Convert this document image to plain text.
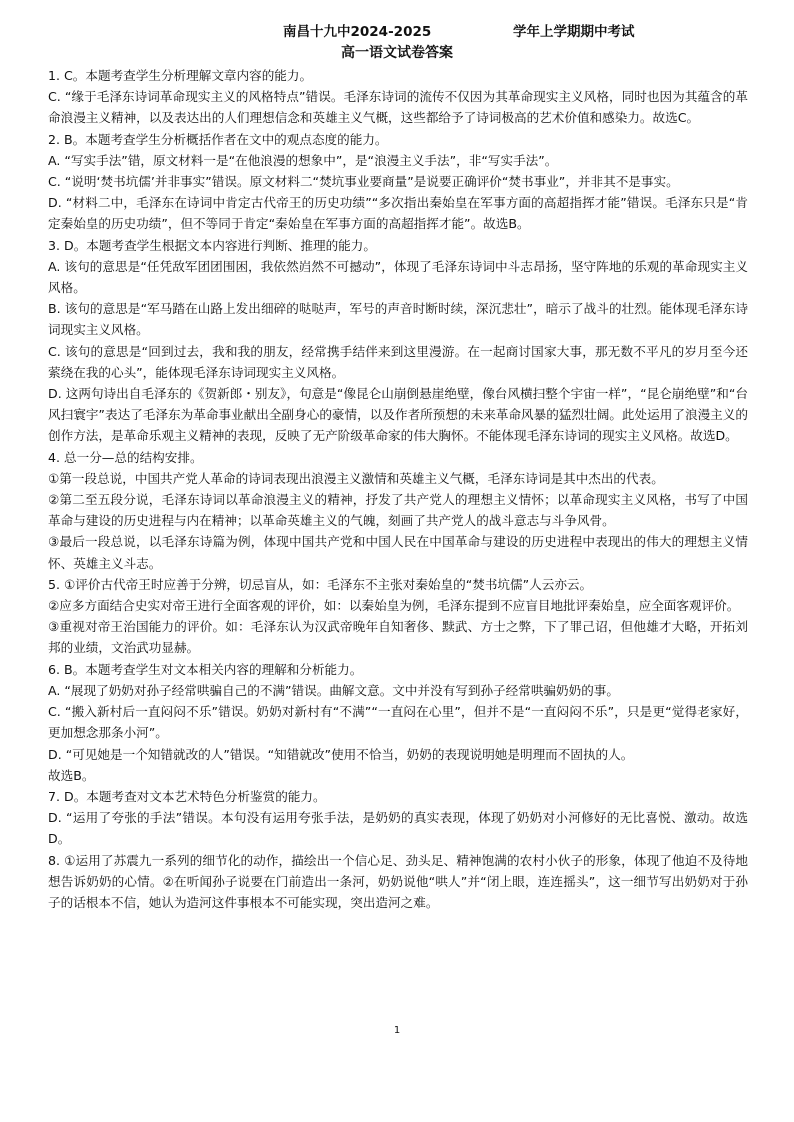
南昌十九中2024-2025	学年上学期期中考试
高一语文试卷答案

1. C。本题考查学生分析理解文章内容的能力。

C. “缘于毛泽东诗词革命现实主义的风格特点”错误。毛泽东诗词的流传不仅因为其革命现实主义风格，同时也因为其蕴含的革命浪漫主义精神，以及表达出的人们理想信念和英雄主义气概，这些都给予了诗词极高的艺术价值和感染力。故选C。

2. B。本题考查学生分析概括作者在文中的观点态度的能力。

A. “写实手法”错，原文材料一是“在他浪漫的想象中”，是“浪漫主义手法”，非“写实手法”。

C. “说明‘焚书坑儒’并非事实”错误。原文材料二“焚坑事业要商量”是说要正确评价“焚书事业”，并非其不是事实。

D. “材料二中，毛泽东在诗词中肯定古代帝王的历史功绩”“多次指出秦始皇在军事方面的高超指挥才能”错误。毛泽东只是“肯定秦始皇的历史功绩”，但不等同于肯定“秦始皇在军事方面的高超指挥才能”。故选B。

3. D。本题考查学生根据文本内容进行判断、推理的能力。

A. 该句的意思是“任凭敌军团团围困，我依然岿然不可撼动”，体现了毛泽东诗词中斗志昂扬，坚守阵地的乐观的革命现实主义风格。

B. 该句的意思是“军马踏在山路上发出细碎的哒哒声，军号的声音时断时续，深沉悲壮”，暗示了战斗的壮烈。能体现毛泽东诗词现实主义风格。

C. 该句的意思是“回到过去，我和我的朋友，经常携手结伴来到这里漫游。在一起商讨国家大事，那无数不平凡的岁月至今还萦绕在我的心头”，能体现毛泽东诗词现实主义风格。

D. 这两句诗出自毛泽东的《贺新郎・别友》，句意是“像昆仑山崩倒悬崖绝壁，像台风横扫整个宇宙一样”，“昆仑崩绝壁”和“台风扫寰宇”表达了毛泽东为革命事业献出全副身心的豪情，以及作者所预想的未来革命风暴的猛烈壮阔。此处运用了浪漫主义的创作方法，是革命乐观主义精神的表现，反映了无产阶级革命家的伟大胸怀。不能体现毛泽东诗词的现实主义风格。故选D。

4. 总一分—总的结构安排。

①第一段总说，中国共产党人革命的诗词表现出浪漫主义激情和英雄主义气概，毛泽东诗词是其中杰出的代表。

②第二至五段分说，毛泽东诗词以革命浪漫主义的精神，抒发了共产党人的理想主义情怀；以革命现实主义风格，书写了中国革命与建设的历史进程与内在精神；以革命英雄主义的气魄，刻画了共产党人的战斗意志与斗争风骨。

③最后一段总说，以毛泽东诗篇为例，体现中国共产党和中国人民在中国革命与建设的历史进程中表现出的伟大的理想主义情怀、英雄主义斗志。

5. ①评价古代帝王时应善于分辨，切忌盲从，如：毛泽东不主张对秦始皇的“焚书坑儒”人云亦云。

②应多方面结合史实对帝王进行全面客观的评价，如：以秦始皇为例，毛泽东提到不应盲目地批评秦始皇，应全面客观评价。

③重视对帝王治国能力的评价。如：毛泽东认为汉武帝晚年自知奢侈、黩武、方士之弊，下了罪己诏，但他雄才大略，开拓刘邦的业绩，文治武功显赫。

6. B。本题考查学生对文本相关内容的理解和分析能力。

A. “展现了奶奶对孙子经常哄骗自己的不满”错误。曲解文意。文中并没有写到孙子经常哄骗奶奶的事。

C. “搬入新村后一直闷闷不乐”错误。奶奶对新村有“不满”“一直闷在心里”，但并不是“一直闷闷不乐”，只是更“觉得老家好，更加想念那条小河”。

D. “可见她是一个知错就改的人”错误。“知错就改”使用不恰当，奶奶的表现说明她是明理而不固执的人。

故选B。

7. D。本题考查对文本艺术特色分析鉴赏的能力。

D. “运用了夸张的手法”错误。本句没有运用夸张手法，是奶奶的真实表现，体现了奶奶对小河修好的无比喜悦、激动。故选D。

8. ①运用了苏震九一系列的细节化的动作，描绘出一个信心足、劲头足、精神饱满的农村小伙子的形象，体现了他迫不及待地想告诉奶奶的心情。②在听闻孙子说要在门前造出一条河，奶奶说他“哄人”并“闭上眼，连连摇头”，这一细节写出奶奶对于孙子的话根本不信，她认为造河这件事根本不可能实现，突出造河之难。

1
